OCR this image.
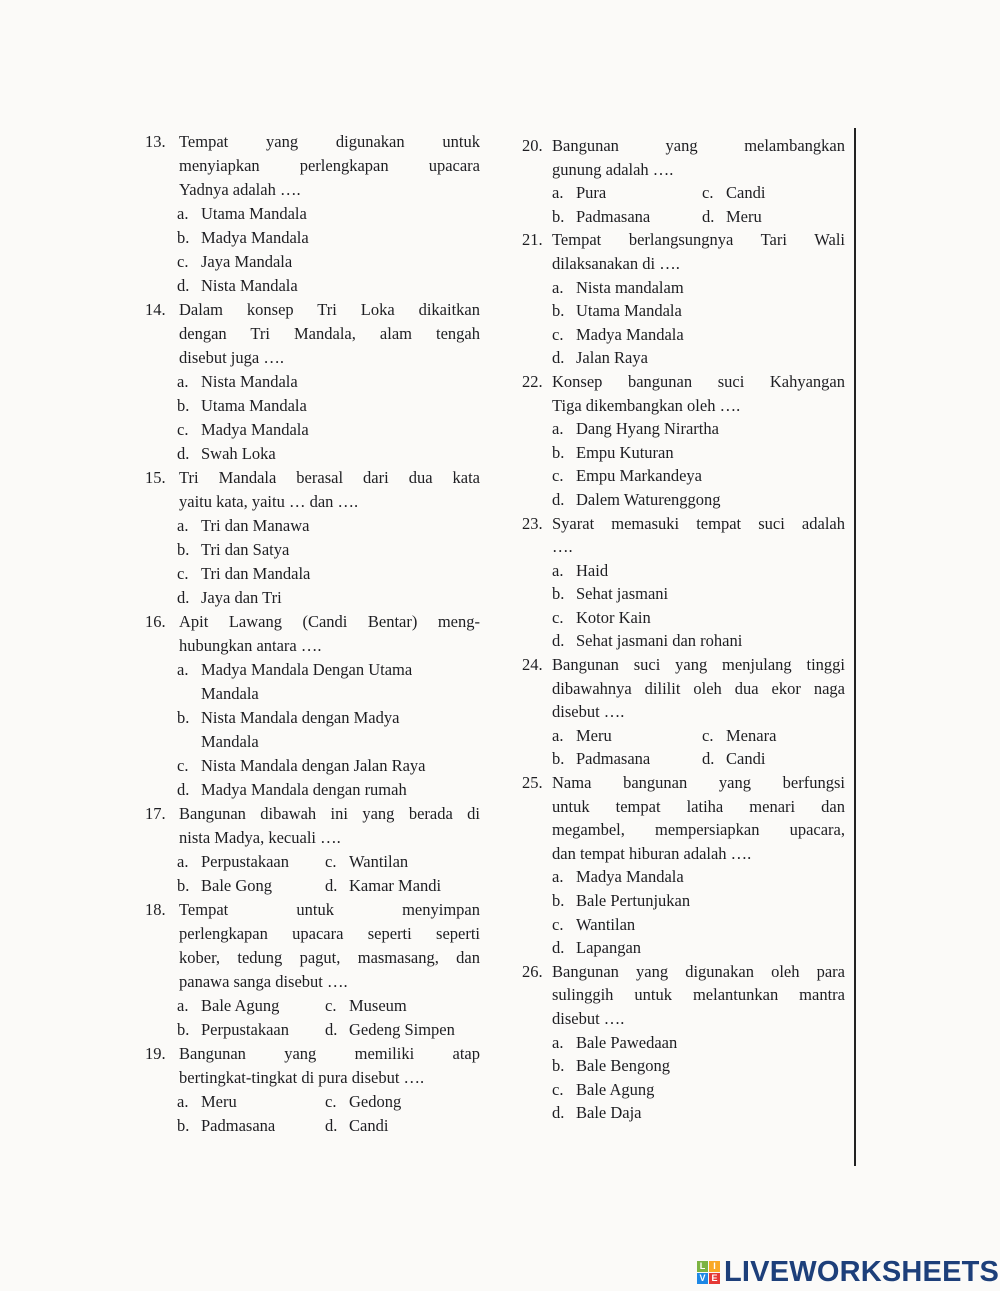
13. Tempat yang digunakan untuk
menyiapkan perlengkapan upacara
Yadnya adalah ….
a. Utama Mandala
b. Madya Mandala
c. Jaya Mandala
d. Nista Mandala
14. Dalam konsep Tri Loka dikaitkan
dengan Tri Mandala, alam tengah
disebut juga ….
a. Nista Mandala
b. Utama Mandala
c. Madya Mandala
d. Swah Loka
15. Tri Mandala berasal dari dua kata
yaitu kata, yaitu … dan ….
a. Tri dan Manawa
b. Tri dan Satya
c. Tri dan Mandala
d. Jaya dan Tri
16. Apit Lawang (Candi Bentar) meng-
hubungkan antara ….
a. Madya Mandala Dengan Utama
Mandala
b. Nista Mandala dengan Madya
Mandala
c. Nista Mandala dengan Jalan Raya
d. Madya Mandala dengan rumah
17. Bangunan dibawah ini yang berada di
nista Madya, kecuali ….
a. Perpustakaan c. Wantilan
b. Bale Gong	d. Kamar Mandi
18. Tempat untuk menyimpan
perlengkapan upacara seperti seperti
kober, tedung pagut, masmasang, dan
panawa sanga disebut ….
a. Bale Agung	c. Museum
b. Perpustakaan d. Gedeng Simpen
19. Bangunan yang memiliki atap
bertingkat-tingkat di pura disebut ….
a. Meru	c. Gedong
b. Padmasana	d. Candi
20. Bangunan yang melambangkan
gunung adalah ….
a. Pura	c. Candi
b. Padmasana	d. Meru
21. Tempat berlangsungnya Tari Wali
dilaksanakan di ….
a. Nista mandalam
b. Utama Mandala
c. Madya Mandala
d. Jalan Raya
22. Konsep bangunan suci Kahyangan
Tiga dikembangkan oleh ….
a. Dang Hyang Nirartha
b. Empu Kuturan
c. Empu Markandeya
d. Dalem Waturenggong
23. Syarat memasuki tempat suci adalah
….
a. Haid
b. Sehat jasmani
c. Kotor Kain
d. Sehat jasmani dan rohani
24. Bangunan suci yang menjulang tinggi
dibawahnya dililit oleh dua ekor naga
disebut ….
a. Meru	c. Menara
b. Padmasana	d. Candi
25. Nama bangunan yang berfungsi
untuk tempat latiha menari dan
megambel, mempersiapkan upacara,
dan tempat hiburan adalah ….
a. Madya Mandala
b. Bale Pertunjukan
c. Wantilan
d. Lapangan
26. Bangunan yang digunakan oleh para
sulinggih untuk melantunkan mantra
disebut ….
a. Bale Pawedaan
b. Bale Bengong
c. Bale Agung
d. Bale Daja
L I
V E LIVEWORKSHEETS
